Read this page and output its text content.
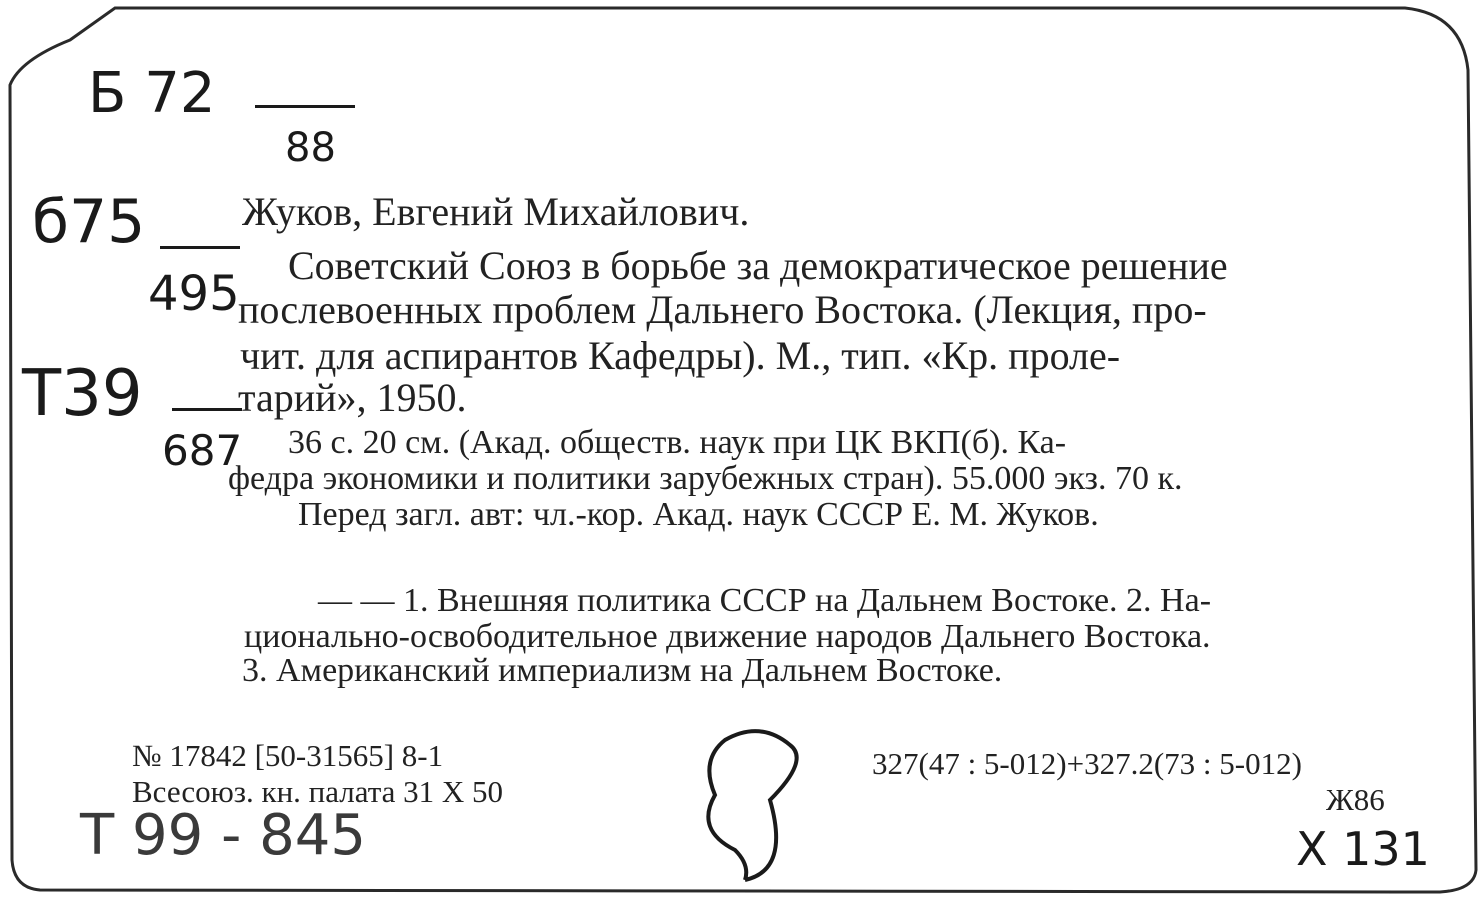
Б 72
88
б75
495
Т39
687
Жуков, Евгений Михайлович.
Советский Союз в борьбе за демократическое решение
послевоенных проблем Дальнего Востока. (Лекция, про-
чит. для аспирантов Кафедры). М., тип. «Кр. проле-
тарий», 1950.
36 с. 20 см. (Акад. обществ. наук при ЦК ВКП(б). Ка-
федра экономики и политики зарубежных стран). 55.000 экз. 70 к.
Перед загл. авт: чл.-кор. Акад. наук СССР Е. М. Жуков.
— — 1. Внешняя политика СССР на Дальнем Востоке. 2. На-
ционально-освободительное движение народов Дальнего Востока.
3. Американский империализм на Дальнем Востоке.
№ 17842 [50-31565] 8-1
Всесоюз. кн. палата 31 X 50
327(47 : 5-012)+327.2(73 : 5-012)
Ж86
Т 99 - 845	Х 131
